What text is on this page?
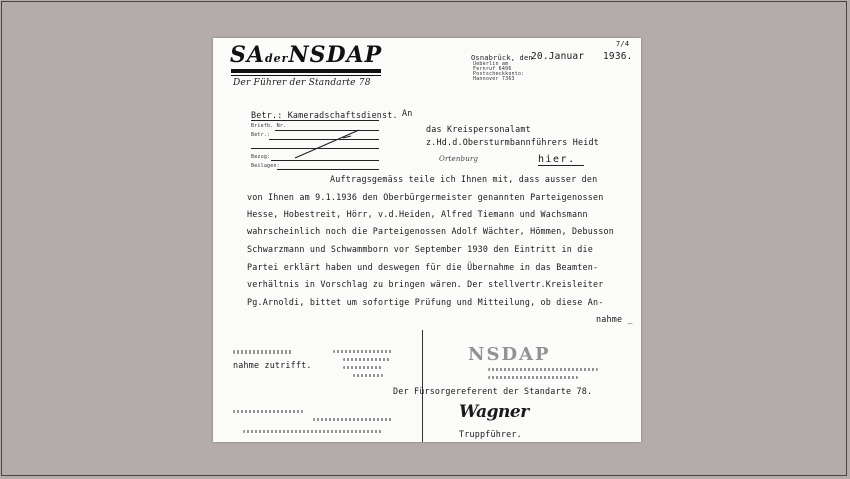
SAderNSDAP
Der Führer der Standarte 78
7/4
Osnabrück, den
20.Januar 1936.
Ueberlin am
Fernruf 6406
Postscheckkonto:
Hannover 7363
Betr.: Kameradschaftsdienst.
Briefb. Nr.
Betr.:
Bezug:
Beilagen:
An
das Kreispersonalamt
z.Hd.d.Obersturmbannführers Heidt
Ortenburg	hier.
Auftragsgemäss teile ich Ihnen mit, dass ausser den
von Ihnen am 9.1.1936 den Oberbürgermeister genannten Parteigenossen
Hesse, Hobestreit, Hörr, v.d.Heiden, Alfred Tiemann und Wachsmann
wahrscheinlich noch die Parteigenossen Adolf Wächter, Hömmen, Debusson
Schwarzmann und Schwammborn vor September 1930 den Eintritt in die
Partei erklärt haben und deswegen für die Übernahme in das Beamten-
verhältnis in Vorschlag zu bringen wären. Der stellvertr.Kreisleiter
Pg.Arnoldi, bittet um sofortige Prüfung und Mitteilung, ob diese An-
nahme _
nahme zutrifft.	NSDAP
Der Fürsorgereferent der Standarte 78.
Wagner
Truppführer.
